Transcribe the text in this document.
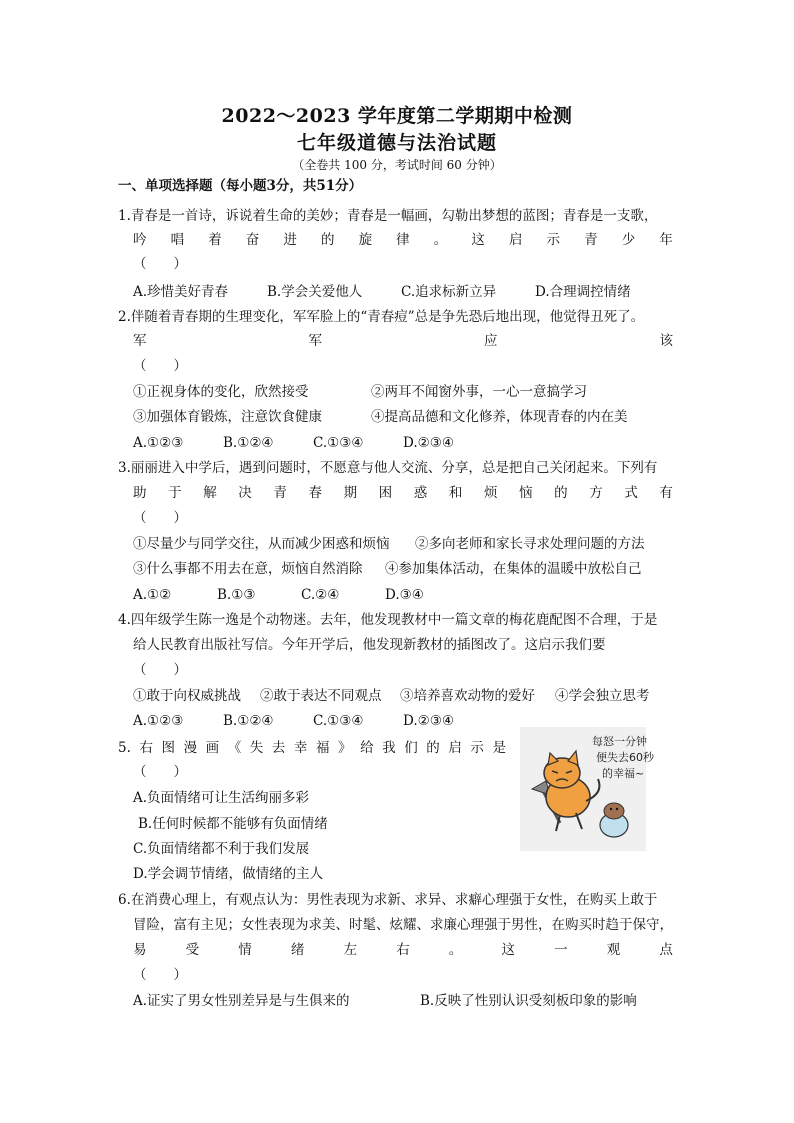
2022～2023 学年度第二学期期中检测
七年级道德与法治试题
（全卷共 100 分，考试时间 60 分钟）
一、单项选择题（每小题3分，共51分）
1.青春是一首诗，诉说着生命的美妙；青春是一幅画，勾勒出梦想的蓝图；青春是一支歌，
吟 唱 着 奋 进 的 旋 律 。 这 启 示 青 少 年
（　　）
A.珍惜美好青春	B.学会关爱他人	C.追求标新立异	D.合理调控情绪
2.伴随着青春期的生理变化，军军脸上的“青春痘”总是争先恐后地出现，他觉得丑死了。
军	军	应	该
（　　）
①正视身体的变化，欣然接受	②两耳不闻窗外事，一心一意搞学习
③加强体育锻炼，注意饮食健康	④提高品德和文化修养，体现青春的内在美
A.①②③	B.①②④	C.①③④	D.②③④
3.丽丽进入中学后，遇到问题时，不愿意与他人交流、分享，总是把自己关闭起来。下列有
助 于 解 决 青 春 期 困 惑 和 烦 恼 的 方 式 有
（　　）
①尽量少与同学交往，从而减少困惑和烦恼 ②多向老师和家长寻求处理问题的方法
③什么事都不用去在意，烦恼自然消除 ④参加集体活动，在集体的温暖中放松自己
A.①②	B.①③	C.②④	D.③④
4.四年级学生陈一逸是个动物迷。去年，他发现教材中一篇文章的梅花鹿配图不合理，于是
给人民教育出版社写信。今年开学后，他发现新教材的插图改了。这启示我们要
（　　）
①敢于向权威挑战 ②敢于表达不同观点 ③培养喜欢动物的爱好 ④学会独立思考
A.①②③	B.①②④	C.①③④	D.②③④
5. 右 图 漫 画 《 失 去 幸 福 》 给 我 们 的 启 示 是
（　　）
A.负面情绪可让生活绚丽多彩
B.任何时候都不能够有负面情绪
C.负面情绪都不利于我们发展
D.学会调节情绪，做情绪的主人
每怒一分钟
便失去60秒
的幸福~
6.在消费心理上，有观点认为：男性表现为求新、求异、求癖心理强于女性，在购买上敢于
冒险，富有主见；女性表现为求美、时髦、炫耀、求廉心理强于男性，在购买时趋于保守，
易	受	情	绪	左	右	。	这	一	观	点
（　　）
A.证实了男女性别差异是与生俱来的	B.反映了性别认识受刻板印象的影响
